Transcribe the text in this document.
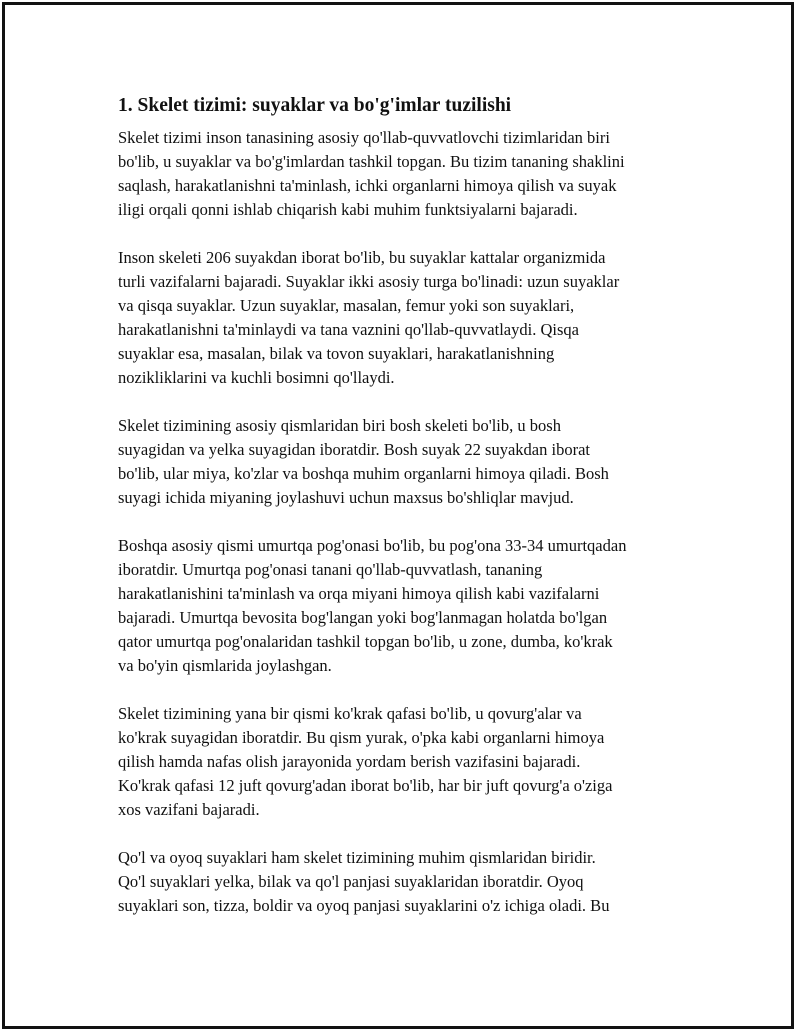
1. Skelet tizimi: suyaklar va bo'g'imlar tuzilishi

Skelet tizimi inson tanasining asosiy qo'llab-quvvatlovchi tizimlaridan biri
bo'lib, u suyaklar va bo'g'imlardan tashkil topgan. Bu tizim tananing shaklini
saqlash, harakatlanishni ta'minlash, ichki organlarni himoya qilish va suyak
iligi orqali qonni ishlab chiqarish kabi muhim funktsiyalarni bajaradi.

Inson skeleti 206 suyakdan iborat bo'lib, bu suyaklar kattalar organizmida
turli vazifalarni bajaradi. Suyaklar ikki asosiy turga bo'linadi: uzun suyaklar
va qisqa suyaklar. Uzun suyaklar, masalan, femur yoki son suyaklari,
harakatlanishni ta'minlaydi va tana vaznini qo'llab-quvvatlaydi. Qisqa
suyaklar esa, masalan, bilak va tovon suyaklari, harakatlanishning
nozikliklarini va kuchli bosimni qo'llaydi.

Skelet tizimining asosiy qismlaridan biri bosh skeleti bo'lib, u bosh
suyagidan va yelka suyagidan iboratdir. Bosh suyak 22 suyakdan iborat
bo'lib, ular miya, ko'zlar va boshqa muhim organlarni himoya qiladi. Bosh
suyagi ichida miyaning joylashuvi uchun maxsus bo'shliqlar mavjud.

Boshqa asosiy qismi umurtqa pog'onasi bo'lib, bu pog'ona 33-34 umurtqadan
iboratdir. Umurtqa pog'onasi tanani qo'llab-quvvatlash, tananing
harakatlanishini ta'minlash va orqa miyani himoya qilish kabi vazifalarni
bajaradi. Umurtqa bevosita bog'langan yoki bog'lanmagan holatda bo'lgan
qator umurtqa pog'onalaridan tashkil topgan bo'lib, u zone, dumba, ko'krak
va bo'yin qismlarida joylashgan.

Skelet tizimining yana bir qismi ko'krak qafasi bo'lib, u qovurg'alar va
ko'krak suyagidan iboratdir. Bu qism yurak, o'pka kabi organlarni himoya
qilish hamda nafas olish jarayonida yordam berish vazifasini bajaradi.
Ko'krak qafasi 12 juft qovurg'adan iborat bo'lib, har bir juft qovurg'a o'ziga
xos vazifani bajaradi.

Qo'l va oyoq suyaklari ham skelet tizimining muhim qismlaridan biridir.
Qo'l suyaklari yelka, bilak va qo'l panjasi suyaklaridan iboratdir. Oyoq
suyaklari son, tizza, boldir va oyoq panjasi suyaklarini o'z ichiga oladi. Bu
